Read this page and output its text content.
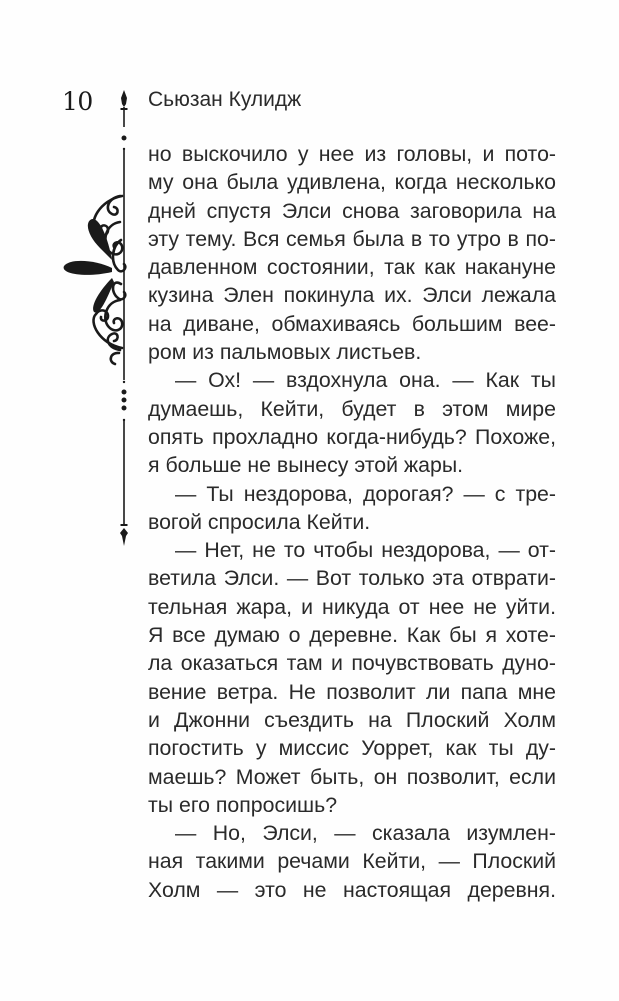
10	Сьюзан Кулидж
но выскочило у нее из головы, и пото-
му она была удивлена, когда несколько
дней спустя Элси снова заговорила на
эту тему. Вся семья была в то утро в по-
давленном состоянии, так как накануне
кузина Элен покинула их. Элси лежала
на диване, обмахиваясь большим вее-
ром из пальмовых листьев.
— Ох! — вздохнула она. — Как ты
думаешь, Кейти, будет в этом мире
опять прохладно когда-нибудь? Похоже,
я больше не вынесу этой жары.
— Ты нездорова, дорогая? — с тре-
вогой спросила Кейти.
— Нет, не то чтобы нездорова, — от-
ветила Элси. — Вот только эта отврати-
тельная жара, и никуда от нее не уйти.
Я все думаю о деревне. Как бы я хоте-
ла оказаться там и почувствовать дуно-
вение ветра. Не позволит ли папа мне
и Джонни съездить на Плоский Холм
погостить у миссис Уоррет, как ты ду-
маешь? Может быть, он позволит, если
ты его попросишь?
— Но, Элси, — сказала изумлен-
ная такими речами Кейти, — Плоский
Холм — это не настоящая деревня.
